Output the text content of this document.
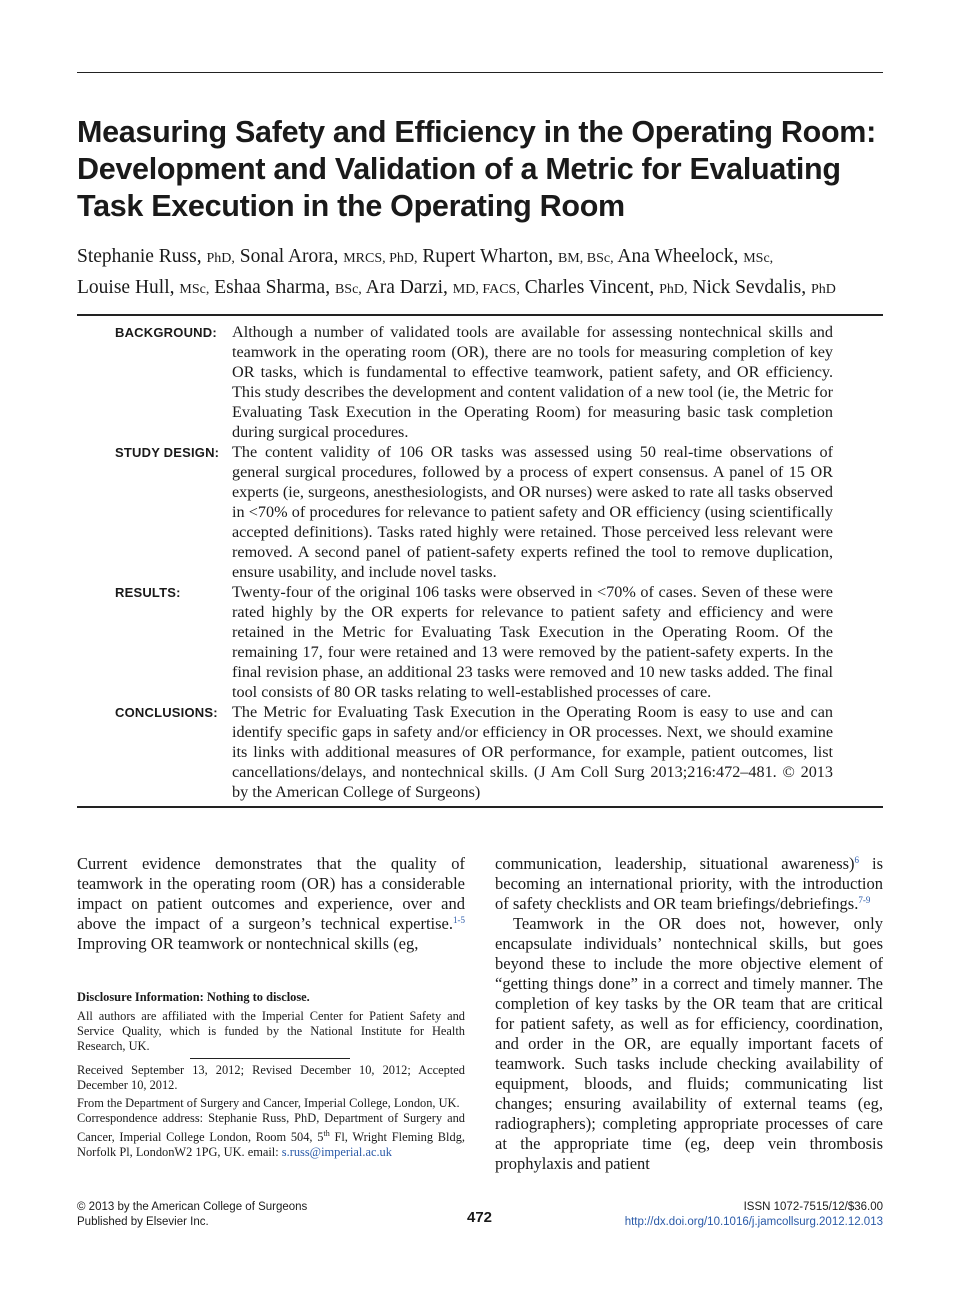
Measuring Safety and Efficiency in the Operating Room: Development and Validation of a Metric for Evaluating Task Execution in the Operating Room
Stephanie Russ, PhD, Sonal Arora, MRCS, PhD, Rupert Wharton, BM, BSc, Ana Wheelock, MSc,
Louise Hull, MSc, Eshaa Sharma, BSc, Ara Darzi, MD, FACS, Charles Vincent, PhD, Nick Sevdalis, PhD
BACKGROUND: Although a number of validated tools are available for assessing nontechnical skills and teamwork in the operating room (OR), there are no tools for measuring completion of key OR tasks, which is fundamental to effective teamwork, patient safety, and OR efficiency. This study describes the development and content validation of a new tool (ie, the Metric for Evaluating Task Execution in the Operating Room) for measuring basic task completion during surgical procedures.
STUDY DESIGN: The content validity of 106 OR tasks was assessed using 50 real-time observations of general surgical procedures, followed by a process of expert consensus. A panel of 15 OR experts (ie, surgeons, anesthesiologists, and OR nurses) were asked to rate all tasks observed in <70% of procedures for relevance to patient safety and OR efficiency (using scientifically accepted definitions). Tasks rated highly were retained. Those perceived less relevant were removed. A second panel of patient-safety experts refined the tool to remove duplication, ensure usability, and include novel tasks.
RESULTS:	Twenty-four of the original 106 tasks were observed in <70% of cases. Seven of these were rated highly by the OR experts for relevance to patient safety and efficiency and were retained in the Metric for Evaluating Task Execution in the Operating Room. Of the remaining 17, four were retained and 13 were removed by the patient-safety experts. In the final revision phase, an additional 23 tasks were removed and 10 new tasks added. The final tool consists of 80 OR tasks relating to well-established processes of care.
CONCLUSIONS: The Metric for Evaluating Task Execution in the Operating Room is easy to use and can identify specific gaps in safety and/or efficiency in OR processes. Next, we should examine its links with additional measures of OR performance, for example, patient outcomes, list cancellations/delays, and nontechnical skills. (J Am Coll Surg 2013;216:472–481. © 2013 by the American College of Surgeons)

Current evidence demonstrates that the quality of teamwork in the operating room (OR) has a considerable impact on patient outcomes and experience, over and above the impact of a surgeon’s technical expertise.$^{1-5}$ Improving OR teamwork or nontechnical skills (eg,

Disclosure Information: Nothing to disclose.

All authors are affiliated with the Imperial Center for Patient Safety and Service Quality, which is funded by the National Institute for Health Research, UK.

Received September 13, 2012; Revised December 10, 2012; Accepted December 10, 2012.

From the Department of Surgery and Cancer, Imperial College, London, UK.
Correspondence address: Stephanie Russ, PhD, Department of Surgery and Cancer, Imperial College London, Room 504, 5th Fl, Wright Fleming Bldg, Norfolk Pl, LondonW2 1PG, UK. email: s.russ@imperial.ac.uk

communication, leadership, situational awareness)$^6$ is becoming an international priority, with the introduction of safety checklists and OR team briefings/debriefings.$^{7-9}$

Teamwork in the OR does not, however, only encapsulate individuals’ nontechnical skills, but goes beyond these to include the more objective element of “getting things done” in a correct and timely manner. The completion of key tasks by the OR team that are critical for patient safety, as well as for efficiency, coordination, and order in the OR, are equally important facets of teamwork. Such tasks include checking availability of equipment, bloods, and fluids; communicating list changes; ensuring availability of external teams (eg, radiographers); completing appropriate processes of care at the appropriate time (eg, deep vein thrombosis prophylaxis and patient

© 2013 by the American College of Surgeons
Published by Elsevier Inc.	472
ISSN 1072-7515/12/$36.00
http://dx.doi.org/10.1016/j.jamcollsurg.2012.12.013
